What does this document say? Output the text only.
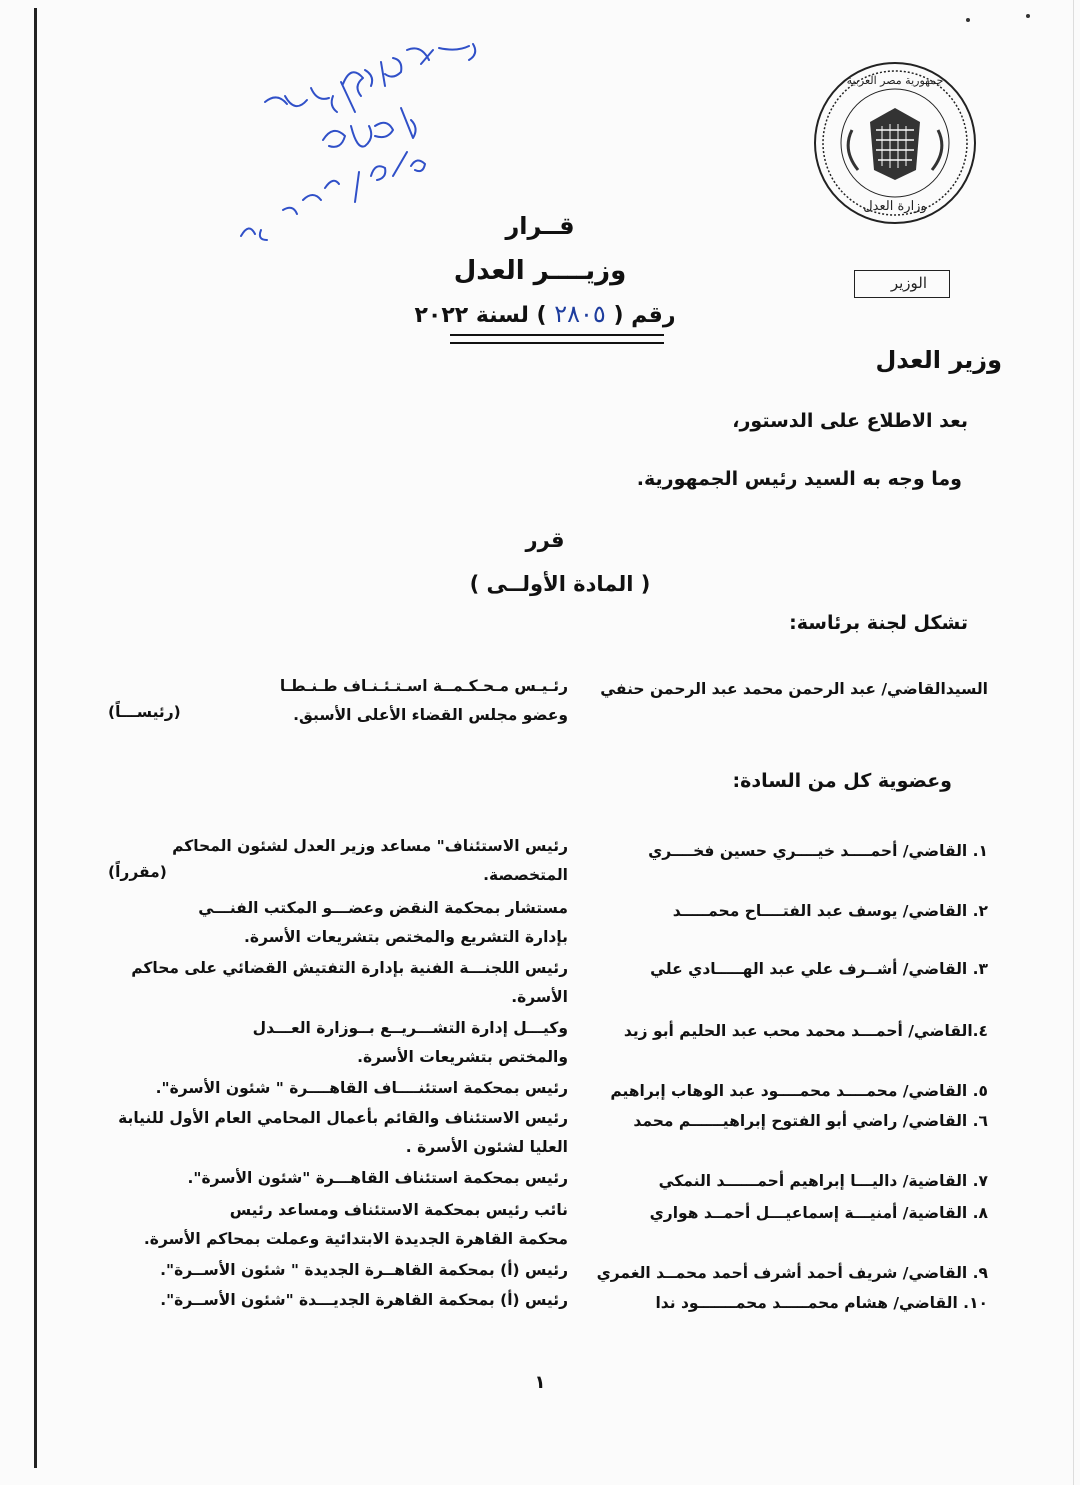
جمهورية مصر العربية
وزارة العدل
الوزير
قــرار
وزيــــر العدل
رقم ( ٢٨٠٥ ) لسنة ٢٠٢٢
وزير العدل
بعد الاطلاع على الدستور،
وما وجه به السيد رئيس الجمهورية.
قرر
( المادة الأولــى )
تشكل لجنة برئاسة:
السيدالقاضي/ عبد الرحمن محمد عبد الرحمن حنفي
رئـيـس مـحـكـمــة اسـتـئـنـاف طـنـطـا
وعضو مجلس القضاء الأعلى الأسبق.
(رئيســـاً)
وعضوية كل من السادة:
١. القاضي/ أحمــــد خيــــري حسين فخــــري
رئيس الاستئناف" مساعد وزير العدل لشئون المحاكم
المتخصصة.
(مقرراً)
٢. القاضي/ يوسف عبد الفتــــاح محمـــــد
مستشار بمحكمة النقض وعضـــو المكتب الفنـــي
بإدارة التشريع والمختص بتشريعات الأسرة.
٣. القاضي/ أشــرف علي عبد الهـــــادي علي
رئيس اللجنـــة الفنية بإدارة التفتيش القضائي على محاكم
الأسرة.
٤.القاضي/ أحمـــد محمد محب عبد الحليم أبو زيد
وكيـــل إدارة التشـــريــع بــوزارة العـــدل
والمختص بتشريعات الأسرة.
٥. القاضي/ محمــــد محمــــود عبد الوهاب إبراهيم
رئيس بمحكمة استئنــــاف القاهــــرة " شئون الأسرة".
٦. القاضي/ راضي أبو الفتوح إبراهيــــــم محمد
رئيس الاستئناف والقائم بأعمال المحامي العام الأول للنيابة
العليا لشئون الأسرة .
٧. القاضية/ داليـــا إبراهيم أحمــــــد النمكي
رئيس بمحكمة استئناف القاهـــرة "شئون الأسرة".
٨. القاضية/ أمنيـــة إسماعيـــل أحمــد هواري
نائب رئيس بمحكمة الاستئناف ومساعد رئيس
محكمة القاهرة الجديدة الابتدائية وعملت بمحاكم الأسرة.
٩. القاضي/ شريف أحمد أشرف أحمد محمــد الغمري
رئيس (أ) بمحكمة القاهــرة الجديدة " شئون الأســرة".
١٠. القاضي/ هشام محمـــــد محمـــــــود ندا
رئيس (أ) بمحكمة القاهرة الجديـــدة "شئون الأســرة".
١
